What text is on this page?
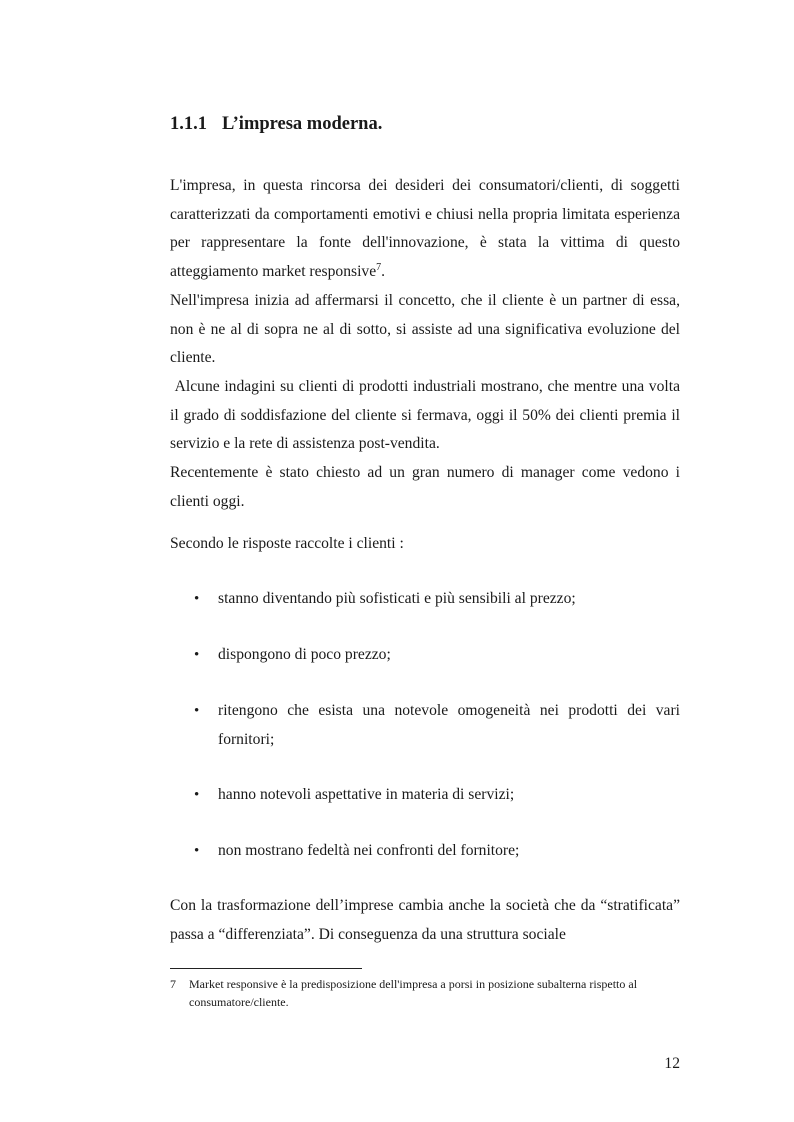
1.1.1 L’impresa moderna.
L'impresa, in questa rincorsa dei desideri dei consumatori/clienti, di soggetti caratterizzati da comportamenti emotivi e chiusi nella propria limitata esperienza per rappresentare la fonte dell'innovazione, è stata la vittima di questo atteggiamento market responsive$^7$.
Nell'impresa inizia ad affermarsi il concetto, che il cliente è un partner di essa, non è ne al di sopra ne al di sotto, si assiste ad una significativa evoluzione del cliente.
Alcune indagini su clienti di prodotti industriali mostrano, che mentre una volta il grado di soddisfazione del cliente si fermava, oggi il 50% dei clienti premia il servizio e la rete di assistenza post-vendita.
Recentemente è stato chiesto ad un gran numero di manager come vedono i clienti oggi.

Secondo le risposte raccolte i clienti :

• stanno diventando più sofisticati e più sensibili al prezzo;
• dispongono di poco prezzo;
• ritengono che esista una notevole omogeneità nei prodotti dei vari fornitori;
• hanno notevoli aspettative in materia di servizi;
• non mostrano fedeltà nei confronti del fornitore;

Con la trasformazione dell’imprese cambia anche la società che da “stratificata” passa a “differenziata”. Di conseguenza da una struttura sociale

7 Market responsive è la predisposizione dell'impresa a porsi in posizione subalterna rispetto al consumatore/cliente.
12
